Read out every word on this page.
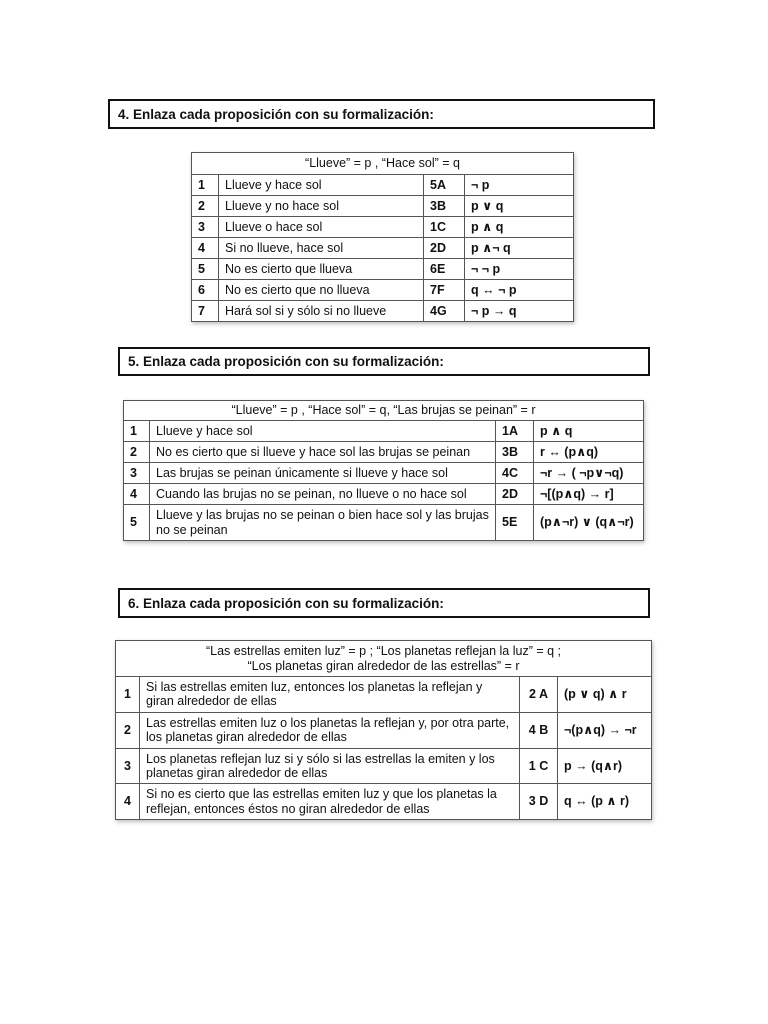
4. Enlaza cada proposición con su formalización:
“Llueve” = p , “Hace sol” = q			
1	Llueve y hace sol	5A	¬ p
2	Llueve y no hace sol	3B	p ∨ q
3	Llueve o hace sol	1C	p ∧ q
4	Si no llueve, hace sol	2D	p ∧¬ q
5	No es cierto que llueva	6E	¬ ¬ p
6	No es cierto que no llueva	7F	q ↔ ¬ p
7	Hará sol si y sólo si no llueve	4G	¬ p → q
5. Enlaza cada proposición con su formalización:
“Llueve” = p , “Hace sol” = q, “Las brujas se peinan” = r			
1	Llueve y hace sol	1A	p ∧ q
2	No es cierto que si llueve y hace sol las brujas se peinan	3B	r ↔ (p∧q)
3	Las brujas se peinan únicamente si llueve y hace sol	4C	¬r → ( ¬p∨¬q)
4	Cuando las brujas no se peinan, no llueve o no hace sol	2D	¬[(p∧q) → r]
5	Llueve y las brujas no se peinan o bien hace sol y las brujas no se peinan	5E	(p∧¬r) ∨ (q∧¬r)
6. Enlaza cada proposición con su formalización:
“Las estrellas emiten luz” = p ; “Los planetas reflejan la luz” = q ;
“Los planetas giran alrededor de las estrellas” = r			

1	Si las estrellas emiten luz, entonces los planetas la reflejan y giran alrededor de ellas	2 A	(p ∨ q) ∧ r
2	Las estrellas emiten luz o los planetas la reflejan y, por otra parte, los planetas giran alrededor de ellas	4 B	¬(p∧q) → ¬r
3	Los planetas reflejan luz si y sólo si las estrellas la emiten y los planetas giran alrededor de ellas	1 C	p → (q∧r)
4	Si no es cierto que las estrellas emiten luz y que los planetas la reflejan, entonces éstos no giran alrededor de ellas	3 D	q ↔ (p ∧ r)
